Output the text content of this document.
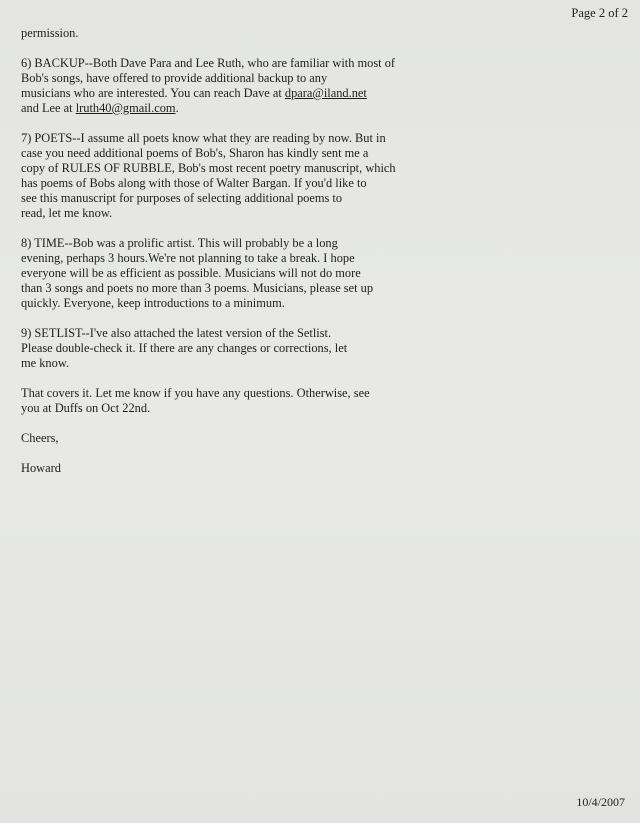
Page 2 of 2

permission.

6) BACKUP--Both Dave Para and Lee Ruth, who are familiar with most of
Bob's songs, have offered to provide additional backup to any
musicians who are interested. You can reach Dave at dpara@iland.net
and Lee at lruth40@gmail.com.

7) POETS--I assume all poets know what they are reading by now. But in
case you need additional poems of Bob's, Sharon has kindly sent me a
copy of RULES OF RUBBLE, Bob's most recent poetry manuscript, which
has poems of Bobs along with those of Walter Bargan. If you'd like to
see this manuscript for purposes of selecting additional poems to
read, let me know.

8) TIME--Bob was a prolific artist. This will probably be a long
evening, perhaps 3 hours.We're not planning to take a break. I hope
everyone will be as efficient as possible. Musicians will not do more
than 3 songs and poets no more than 3 poems. Musicians, please set up
quickly. Everyone, keep introductions to a minimum.

9) SETLIST--I've also attached the latest version of the Setlist.
Please double-check it. If there are any changes or corrections, let
me know.

That covers it. Let me know if you have any questions. Otherwise, see
you at Duffs on Oct 22nd.

Cheers,

Howard

10/4/2007
